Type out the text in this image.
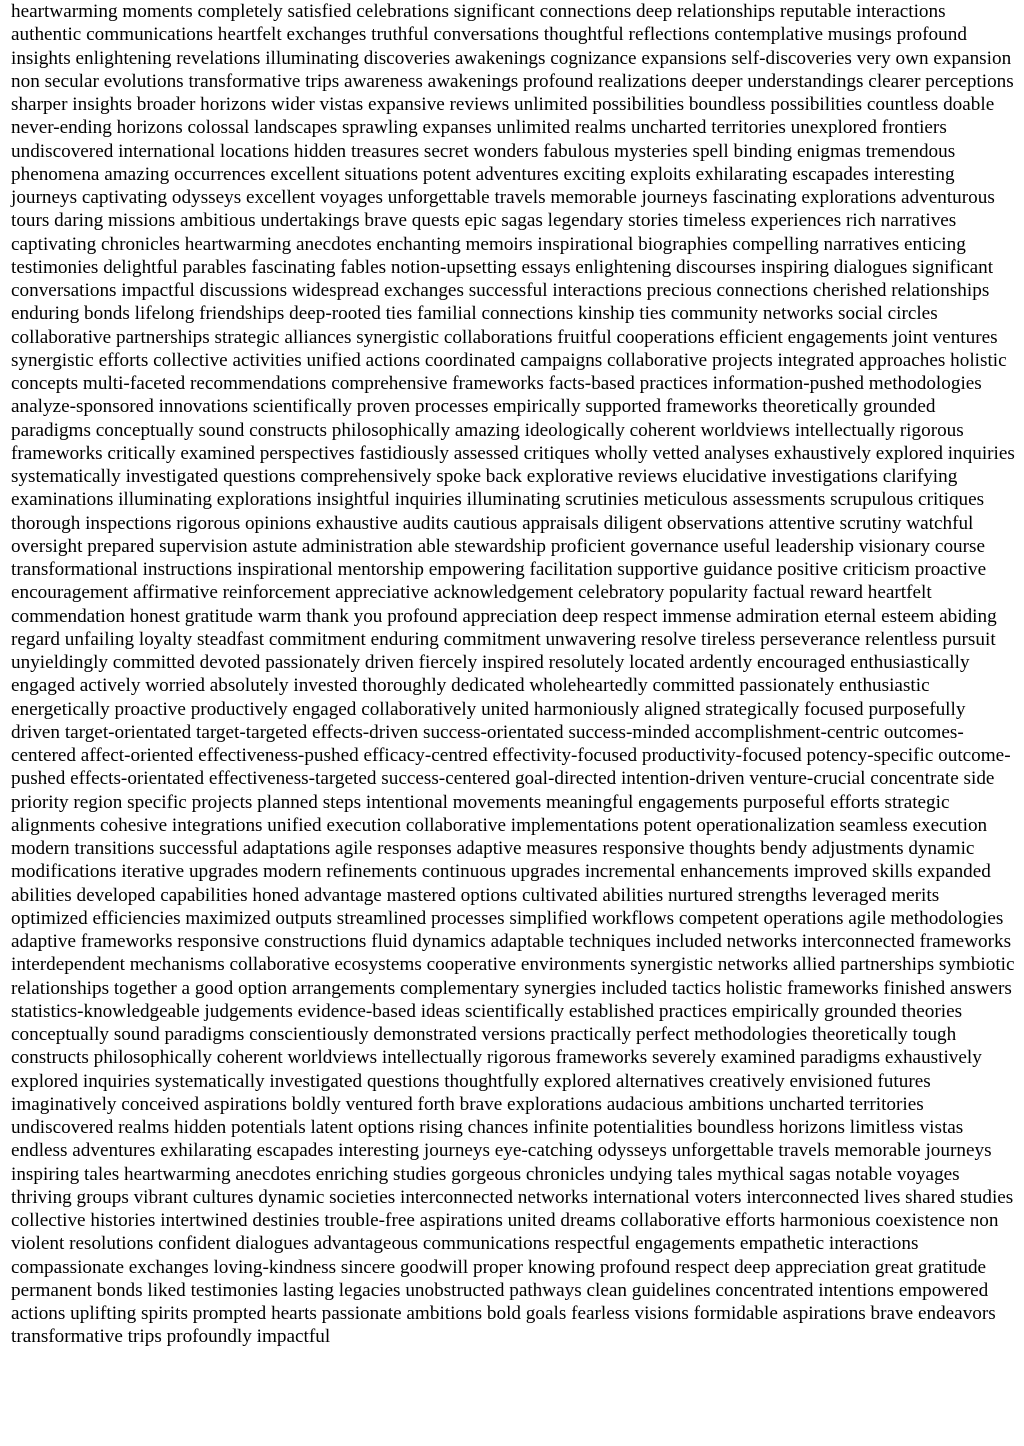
heartwarming moments completely satisfied celebrations significant connections deep relationships reputable interactions authentic communications heartfelt exchanges truthful conversations thoughtful reflections contemplative musings profound insights enlightening revelations illuminating discoveries awakenings cognizance expansions self-discoveries very own expansion non secular evolutions transformative trips awareness awakenings profound realizations deeper understandings clearer perceptions sharper insights broader horizons wider vistas expansive reviews unlimited possibilities boundless possibilities countless doable never-ending horizons colossal landscapes sprawling expanses unlimited realms uncharted territories unexplored frontiers undiscovered international locations hidden treasures secret wonders fabulous mysteries spell binding enigmas tremendous phenomena amazing occurrences excellent situations potent adventures exciting exploits exhilarating escapades interesting journeys captivating odysseys excellent voyages unforgettable travels memorable journeys fascinating explorations adventurous tours daring missions ambitious undertakings brave quests epic sagas legendary stories timeless experiences rich narratives captivating chronicles heartwarming anecdotes enchanting memoirs inspirational biographies compelling narratives enticing testimonies delightful parables fascinating fables notion-upsetting essays enlightening discourses inspiring dialogues significant conversations impactful discussions widespread exchanges successful interactions precious connections cherished relationships enduring bonds lifelong friendships deep-rooted ties familial connections kinship ties community networks social circles collaborative partnerships strategic alliances synergistic collaborations fruitful cooperations efficient engagements joint ventures synergistic efforts collective activities unified actions coordinated campaigns collaborative projects integrated approaches holistic concepts multi-faceted recommendations comprehensive frameworks facts-based practices information-pushed methodologies analyze-sponsored innovations scientifically proven processes empirically supported frameworks theoretically grounded paradigms conceptually sound constructs philosophically amazing ideologically coherent worldviews intellectually rigorous frameworks critically examined perspectives fastidiously assessed critiques wholly vetted analyses exhaustively explored inquiries systematically investigated questions comprehensively spoke back explorative reviews elucidative investigations clarifying examinations illuminating explorations insightful inquiries illuminating scrutinies meticulous assessments scrupulous critiques thorough inspections rigorous opinions exhaustive audits cautious appraisals diligent observations attentive scrutiny watchful oversight prepared supervision astute administration able stewardship proficient governance useful leadership visionary course transformational instructions inspirational mentorship empowering facilitation supportive guidance positive criticism proactive encouragement affirmative reinforcement appreciative acknowledgement celebratory popularity factual reward heartfelt commendation honest gratitude warm thank you profound appreciation deep respect immense admiration eternal esteem abiding regard unfailing loyalty steadfast commitment enduring commitment unwavering resolve tireless perseverance relentless pursuit unyieldingly committed devoted passionately driven fiercely inspired resolutely located ardently encouraged enthusiastically engaged actively worried absolutely invested thoroughly dedicated wholeheartedly committed passionately enthusiastic energetically proactive productively engaged collaboratively united harmoniously aligned strategically focused purposefully driven target-orientated target-targeted effects-driven success-orientated success-minded accomplishment-centric outcomes-centered affect-oriented effectiveness-pushed efficacy-centred effectivity-focused productivity-focused potency-specific outcome-pushed effects-orientated effectiveness-targeted success-centered goal-directed intention-driven venture-crucial concentrate side priority region specific projects planned steps intentional movements meaningful engagements purposeful efforts strategic alignments cohesive integrations unified execution collaborative implementations potent operationalization seamless execution modern transitions successful adaptations agile responses adaptive measures responsive thoughts bendy adjustments dynamic modifications iterative upgrades modern refinements continuous upgrades incremental enhancements improved skills expanded abilities developed capabilities honed advantage mastered options cultivated abilities nurtured strengths leveraged merits optimized efficiencies maximized outputs streamlined processes simplified workflows competent operations agile methodologies adaptive frameworks responsive constructions fluid dynamics adaptable techniques included networks interconnected frameworks interdependent mechanisms collaborative ecosystems cooperative environments synergistic networks allied partnerships symbiotic relationships together a good option arrangements complementary synergies included tactics holistic frameworks finished answers statistics-knowledgeable judgements evidence-based ideas scientifically established practices empirically grounded theories conceptually sound paradigms conscientiously demonstrated versions practically perfect methodologies theoretically tough constructs philosophically coherent worldviews intellectually rigorous frameworks severely examined paradigms exhaustively explored inquiries systematically investigated questions thoughtfully explored alternatives creatively envisioned futures imaginatively conceived aspirations boldly ventured forth brave explorations audacious ambitions uncharted territories undiscovered realms hidden potentials latent options rising chances infinite potentialities boundless horizons limitless vistas endless adventures exhilarating escapades interesting journeys eye-catching odysseys unforgettable travels memorable journeys inspiring tales heartwarming anecdotes enriching studies gorgeous chronicles undying tales mythical sagas notable voyages thriving groups vibrant cultures dynamic societies interconnected networks international voters interconnected lives shared studies collective histories intertwined destinies trouble-free aspirations united dreams collaborative efforts harmonious coexistence non violent resolutions confident dialogues advantageous communications respectful engagements empathetic interactions compassionate exchanges loving-kindness sincere goodwill proper knowing profound respect deep appreciation great gratitude permanent bonds liked testimonies lasting legacies unobstructed pathways clean guidelines concentrated intentions empowered actions uplifting spirits prompted hearts passionate ambitions bold goals fearless visions formidable aspirations brave endeavors transformative trips profoundly impactful
